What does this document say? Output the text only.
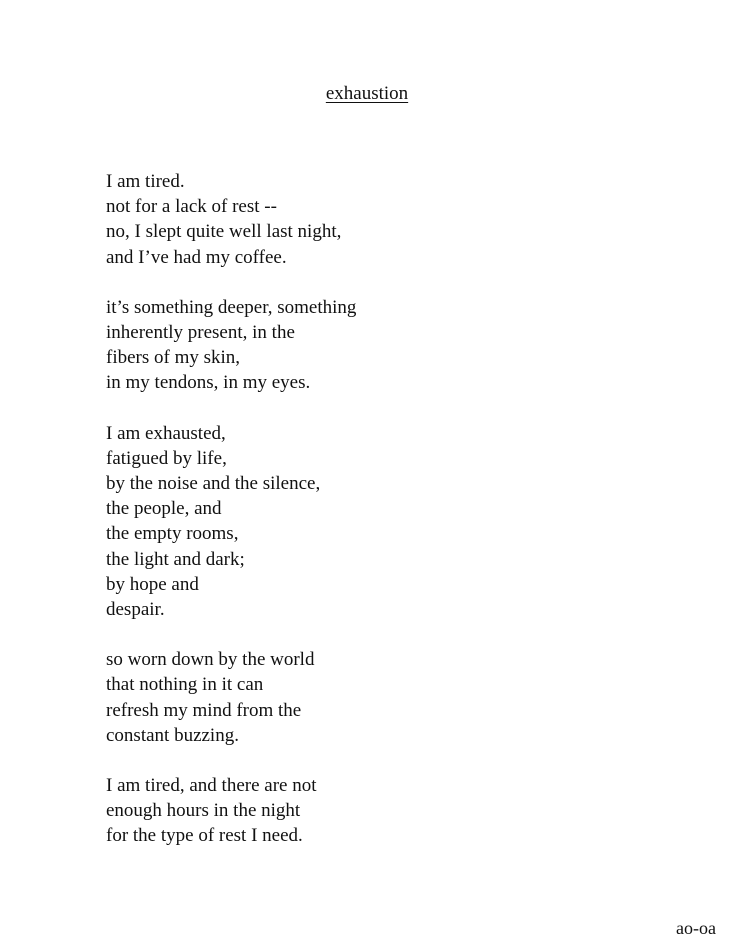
exhaustion
I am tired.
not for a lack of rest --
no, I slept quite well last night,
and I’ve had my coffee.
it’s something deeper, something
inherently present, in the
fibers of my skin,
in my tendons, in my eyes.
I am exhausted,
fatigued by life,
by the noise and the silence,
the people, and
the empty rooms,
the light and dark;
by hope and
despair.
so worn down by the world
that nothing in it can
refresh my mind from the
constant buzzing.
I am tired, and there are not
enough hours in the night
for the type of rest I need.
ao-oa
